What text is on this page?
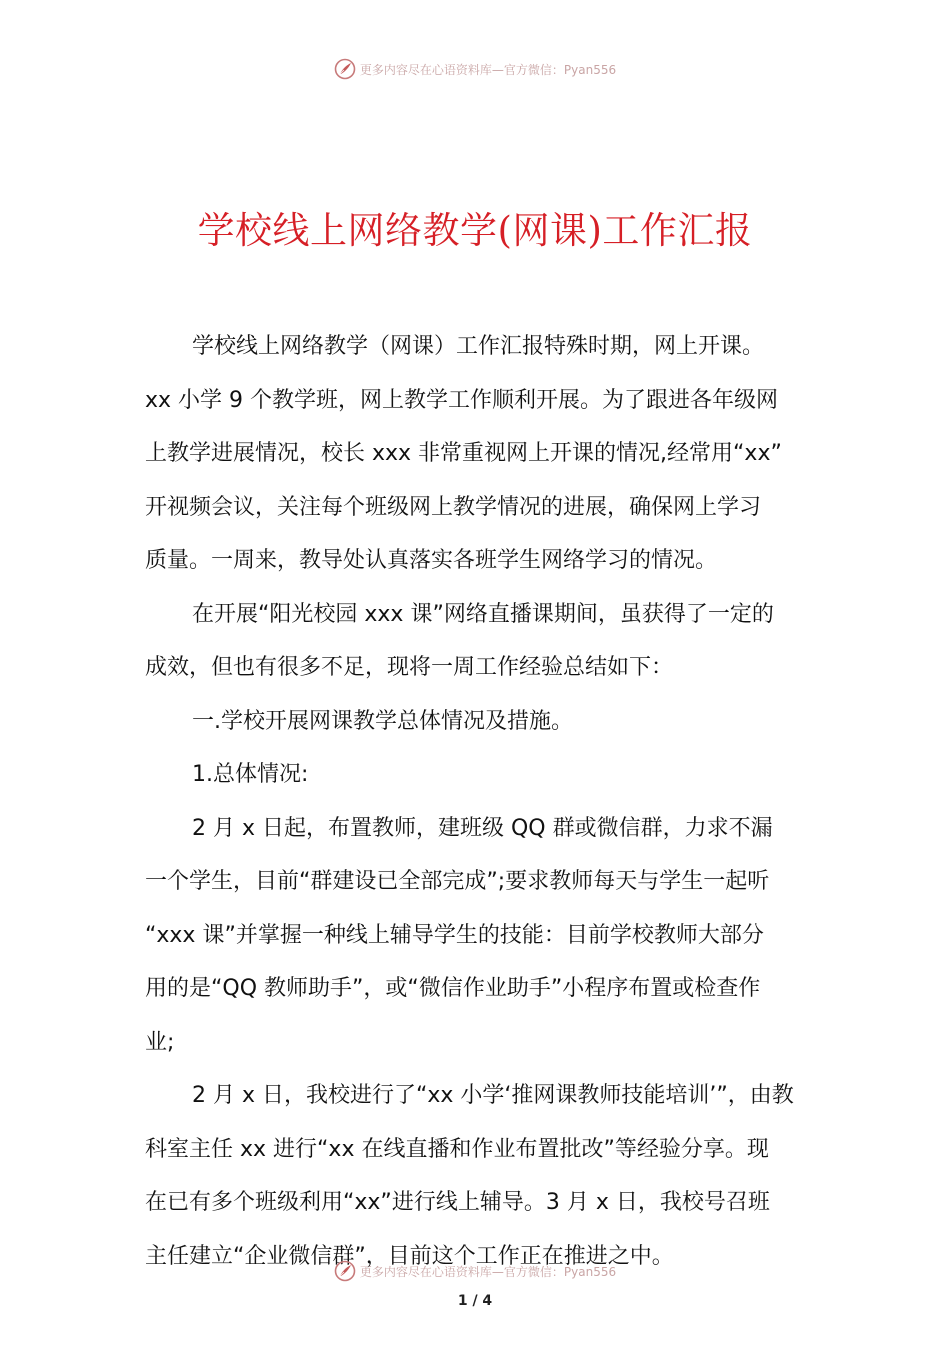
更多内容尽在心语资料库—官方微信：Pyan556
学校线上网络教学(网课)工作汇报
学校线上网络教学（网课）工作汇报特殊时期，网上开课。
xx 小学 9 个教学班，网上教学工作顺利开展。为了跟进各年级网
上教学进展情况，校长 xxx 非常重视网上开课的情况,经常用“xx”
开视频会议，关注每个班级网上教学情况的进展，确保网上学习
质量。一周来，教导处认真落实各班学生网络学习的情况。
在开展“阳光校园 xxx 课”网络直播课期间，虽获得了一定的
成效，但也有很多不足，现将一周工作经验总结如下：
一.学校开展网课教学总体情况及措施。
1.总体情况:
2 月 x 日起，布置教师，建班级 QQ 群或微信群，力求不漏
一个学生，目前“群建设已全部完成”;要求教师每天与学生一起听
“xxx 课”并掌握一种线上辅导学生的技能：目前学校教师大部分
用的是“QQ 教师助手”，或“微信作业助手”小程序布置或检查作
业;
2 月 x 日，我校进行了“xx 小学‘推网课教师技能培训’”，由教
科室主任 xx 进行“xx 在线直播和作业布置批改”等经验分享。现
在已有多个班级利用“xx”进行线上辅导。3 月 x 日，我校号召班
主任建立“企业微信群”，目前这个工作正在推进之中。
更多内容尽在心语资料库—官方微信：Pyan556
1 / 4
